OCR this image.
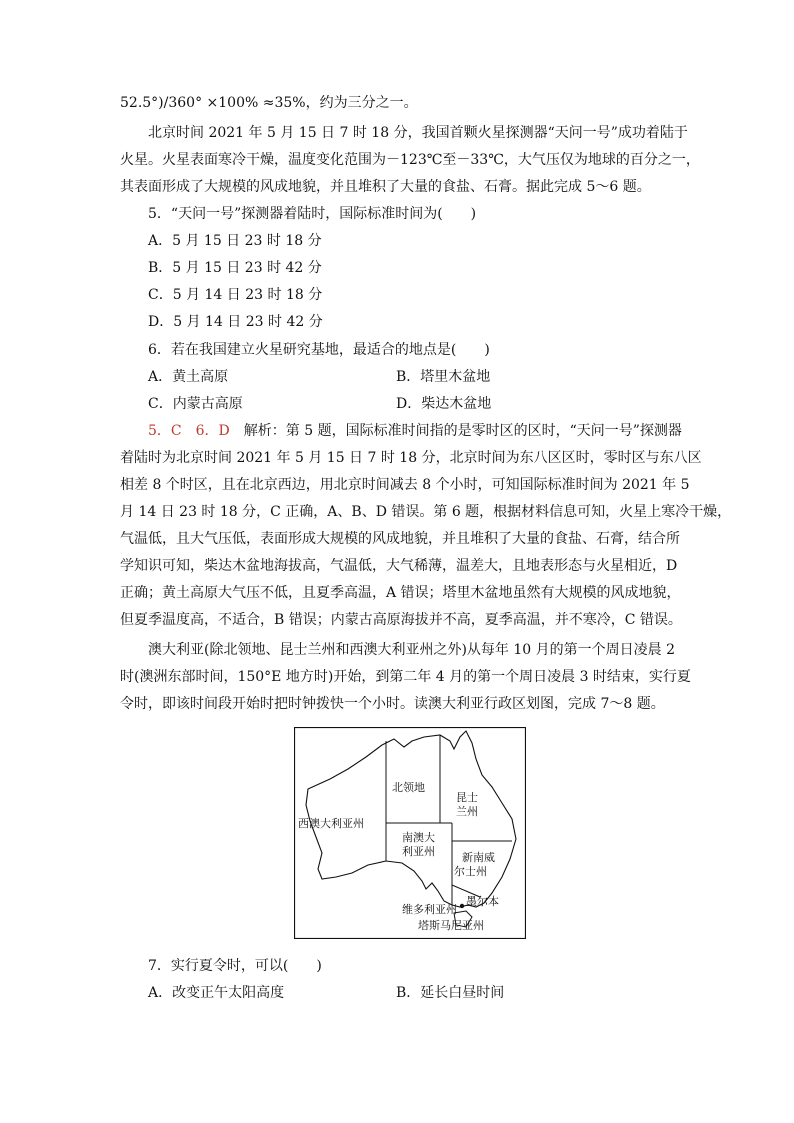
52.5°)/360° ×100% ≈35%，约为三分之一。
北京时间 2021 年 5 月 15 日 7 时 18 分，我国首颗火星探测器“天问一号”成功着陆于
火星。火星表面寒冷干燥，温度变化范围为－123℃至－33℃，大气压仅为地球的百分之一，
其表面形成了大规模的风成地貌，并且堆积了大量的食盐、石膏。据此完成 5～6 题。
5．“天问一号”探测器着陆时，国际标准时间为(　　)
A．5 月 15 日 23 时 18 分
B．5 月 15 日 23 时 42 分
C．5 月 14 日 23 时 18 分
D．5 月 14 日 23 时 42 分
6．若在我国建立火星研究基地，最适合的地点是(　　)
A．黄土高原	B．塔里木盆地
C．内蒙古高原	D．柴达木盆地
5．C　6．D　解析：第 5 题，国际标准时间指的是零时区的区时，“天问一号”探测器
着陆时为北京时间 2021 年 5 月 15 日 7 时 18 分，北京时间为东八区区时，零时区与东八区
相差 8 个时区，且在北京西边，用北京时间减去 8 个小时，可知国际标准时间为 2021 年 5
月 14 日 23 时 18 分，C 正确，A、B、D 错误。第 6 题，根据材料信息可知，火星上寒冷干燥，
气温低，且大气压低，表面形成大规模的风成地貌，并且堆积了大量的食盐、石膏，结合所
学知识可知，柴达木盆地海拔高，气温低，大气稀薄，温差大，且地表形态与火星相近，D
正确；黄土高原大气压不低，且夏季高温，A 错误；塔里木盆地虽然有大规模的风成地貌，
但夏季温度高，不适合，B 错误；内蒙古高原海拔并不高，夏季高温，并不寒冷，C 错误。
澳大利亚(除北领地、昆士兰州和西澳大利亚州之外)从每年 10 月的第一个周日凌晨 2
时(澳洲东部时间，150°E 地方时)开始，到第二年 4 月的第一个周日凌晨 3 时结束，实行夏
令时，即该时间段开始时把时钟拨快一个小时。读澳大利亚行政区划图，完成 7～8 题。
北领地
昆士
兰州
西澳大利亚州
南澳大
利亚州 新南威
尔士州
墨尔本
维多利亚州
塔斯马尼亚州
7．实行夏令时，可以(　　)
A．改变正午太阳高度	B．延长白昼时间
